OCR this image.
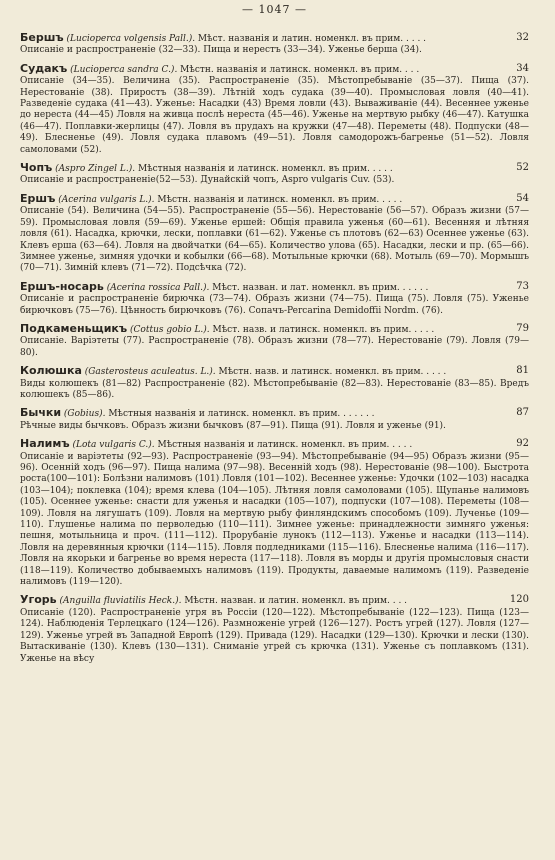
— 1047 —
Бершъ (Lucioperca volgensis Pall.). Мѣст. названія и латин. номенкл. въ прим. . . . .	32
Описаніе и распространеніе (32—33). Пища и нерестъ (33—34). Уженье берша (34).
Судакъ (Lucioperca sandra C.). Мѣстн. названія и латинск. номенкл. въ прим. . . .	34
Описаніе (34—35). Величина (35). Распространеніе (35). Мѣстопребываніе (35—37). Пища (37). Нерестованіе (38). Приростъ (38—39). Лѣтній ходъ судака (39—40). Промысловая ловля (40—41). Разведеніе судака (41—43). Уженье: Насадки (43) Время ловли (43). Вываживаніе (44). Весеннее уженье до нереста (44—45) Ловля на живца послѣ нереста (45—46). Уженье на мертвую рыбку (46—47). Катушка (46—47). Поплавки-жерлицы (47). Ловля въ прудахъ на кружки (47—48). Переметы (48). Подпуски (48—49). Блесненье (49). Ловля судака плавомъ (49—51). Ловля самодорожъ-багренье (51—52). Ловля самоловами (52).
Чопъ (Aspro Zingel L.). Мѣстныя названія и латинск. номенкл. въ прим. . . . .	52
Описаніе и распространеніе(52—53). Дунайскій чопъ, Aspro vulgaris Cuv. (53).
Ершъ (Acerina vulgaris L.). Мѣстн. названія и латинск. номенкл. въ прим. . . . .	54
Описаніе (54). Величина (54—55). Распространеніе (55—56). Нерестованіе (56—57). Образъ жизни (57—59). Промысловая ловля (59—69). Уженье ершей: Общія правила уженья (60—61). Весенняя и лѣтняя ловля (61). Насадка, крючки, лески, поплавки (61—62). Уженье съ плотовъ (62—63) Осеннее уженье (63). Клевъ ерша (63—64). Ловля на двойчатки (64—65). Количество улова (65). Насадки, лески и пр. (65—66). Зимнее уженье, зимняя удочки и кобылки (66—68). Мотыльные крючки (68). Мотыль (69—70). Мормышъ (70—71). Зимній клевъ (71—72). Подсѣчка (72).
Ершъ-носарь (Acerina rossica Pall.). Мѣст. назван. и лат. номенкл. въ прим. . . . . .	73
Описаніе и распространеніе бирючка (73—74). Образъ жизни (74—75). Пища (75). Ловля (75). Уженье бирючковъ (75—76). Цѣнность бирючковъ (76). Сопачъ-Percarina Demidoffii Nordm. (76).
Подкаменьщикъ (Cottus gobio L.). Мѣст. назв. и латинск. номенкл. въ прим. . . . .	79
Описаніе. Варіэтеты (77). Распространеніе (78). Образъ жизни (78—77). Нерестованіе (79). Ловля (79—80).
Колюшка (Gasterosteus aculeatus. L.). Мѣстн. назв. и латинск. номенкл. въ прим. . . . .	81
Виды колюшекъ (81—82) Распространеніе (82). Мѣстопребываніе (82—83). Нерестованіе (83—85). Вредъ колюшекъ (85—86).
Бычки (Gobius). Мѣстныя названія и латинск. номенкл. въ прим. . . . . . .	87
Рѣчные виды бычковъ. Образъ жизни бычковъ (87—91). Пища (91). Ловля и уженье (91).
Налимъ (Lota vulgaris C.). Мѣстныя названія и латинск. номенкл. въ прим. . . . .	92
Описаніе и варіэтеты (92—93). Распространеніе (93—94). Мѣстопребываніе (94—95) Образъ жизни (95—96). Осенній ходъ (96—97). Пища налима (97—98). Весенній ходъ (98). Нерестованіе (98—100). Быстрота роста(100—101): Болѣзни налимовъ (101) Ловля (101—102). Весеннее уженье: Удочки (102—103) насадка (103—104); поклевка (104); время клева (104—105). Лѣтняя ловля самоловами (105). Щупанье налимовъ (105). Осеннее уженье: снасти для уженья и насадки (105—107), подпуски (107—108). Переметы (108—109). Ловля на лягушатъ (109). Ловля на мертвую рыбу финляндскимъ способомъ (109). Лученье (109—110). Глушенье налима по перволедью (110—111). Зимнее уженье: принадлежности зимняго уженья: пешня, мотыльница и проч. (111—112). Прорубаніе лунокъ (112—113). Уженье и насадки (113—114). Ловля на деревянныя крючки (114—115). Ловля подледниками (115—116). Блесненье налима (116—117). Ловля на якорьки и багренье во время нереста (117—118). Ловля въ морды и другія промысловыя снасти (118—119). Количество добываемыхъ налимовъ (119). Продукты, даваемые налимомъ (119). Разведеніе налимовъ (119—120).
Угорь (Anguilla fluviatilis Heck.). Мѣстн. назван. и латин. номенкл. въ прим. . . .	120
Описаніе (120). Распространеніе угря въ Россіи (120—122). Мѣстопребываніе (122—123). Пища (123—124). Наблюденія Терлецкаго (124—126). Размноженіе угрей (126—127). Ростъ угрей (127). Ловля (127—129). Уженье угрей въ Западной Европѣ (129). Привада (129). Насадки (129—130). Крючки и лески (130). Вытаскиваніе (130). Клевъ (130—131). Сниманіе угрей съ крючка (131). Уженье съ поплавкомъ (131). Уженье на вѣсу
